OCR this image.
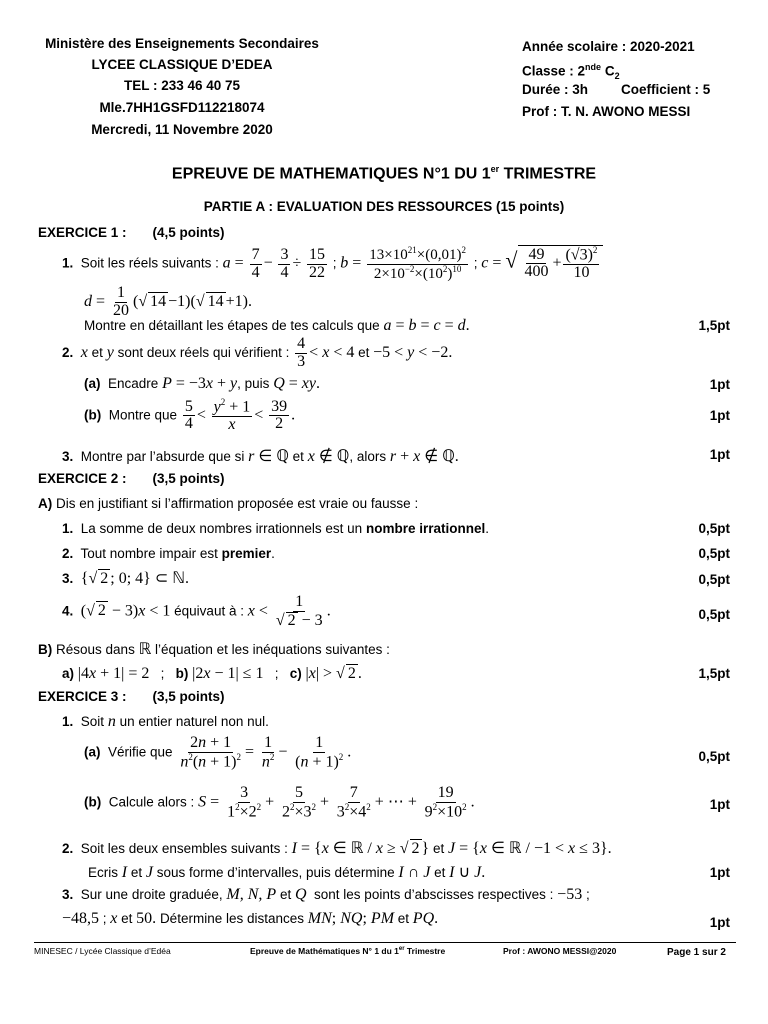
Ministère des Enseignements Secondaires
LYCEE CLASSIQUE D’EDEA
TEL : 233 46 40 75
Mle.7HH1GSFD112218074
Mercredi, 11 Novembre 2020
Année scolaire : 2020-2021
Classe : 2nde $C_2$
Durée : 3h Coefficient : 5
Prof : T. N. AWONO MESSI
EPREUVE DE MATHEMATIQUES N°1 DU 1er TRIMESTRE
PARTIE A : EVALUATION DES RESSOURCES (15 points)
EXERCICE 1 : (4,5 points)
1. Soit les réels suivants : $a = \frac{7}{4} - \frac{3}{4} \div \frac{15}{22}$ ; $b = \frac{13\times 10^{21}\times(0,01)^2}{2\times 10^{-2}\times(10^2)^{10}}$ ; c = √ $\frac{49}{400} + \frac{(√3)^2}{10}$
$d = \frac{1}{20}$ (√ 14 −1)(√ 14 +1).
Montre en détaillant les étapes de tes calculs que a = b = c = d.	1,5pt
2. x et y sont deux réels qui vérifient : $\frac{4}{3} < x < 4$ et −5 < y < −2.
(a) Encadre P = −3x + y, puis Q = xy.	1pt
(b) Montre que $\frac{5}{4} < \frac{y^2 + 1}{x} < \frac{39}{2}$ .	1pt
3. Montre par l’absurde que si r ∈ ℚ et x ∉ ℚ, alors r + x ∉ ℚ.	1pt
EXERCICE 2 : (3,5 points)
A) Dis en justifiant si l’affirmation proposée est vraie ou fausse :
1. La somme de deux nombres irrationnels est un nombre irrationnel.	0,5pt
2. Tout nombre impair est premier.	0,5pt
3. {√ 2 ; 0; 4} ⊂ ℕ.	0,5pt
4. (√ 2 − 3)x < 1 équivaut à : $x < \frac{1}{√ 2 - 3}$ .	0,5pt
B) Résous dans ℝ l’équation et les inéquations suivantes :
a) |4x + 1| = 2   ;   b) |2x − 1| ≤ 1   ;   c) |x| > √ 2 .	1,5pt
EXERCICE 3 : (3,5 points)
1. Soit n un entier naturel non nul.
(a) Vérifie que $\frac{2n + 1}{n^2(n + 1)^2} = \frac{1}{n^2} - \frac{1}{(n + 1)^2}$ .	0,5pt
(b) Calcule alors : $S = \frac{3}{1^2\times 2^2} + \frac{5}{2^2\times 3^2} + \frac{7}{3^2\times 4^2}$ + ⋯ + $\frac{19}{9^2\times 10^2}$ .	1pt
2. Soit les deux ensembles suivants : I = {x ∈ ℝ / x ≥ √ 2 } et J = {x ∈ ℝ / −1 < x ≤ 3}.
Ecris I et J sous forme d’intervalles, puis détermine I ∩ J et I ∪ J.	1pt
3. Sur une droite graduée, M, N, P et Q sont les points d’abscisses respectives : −53 ;
−48,5 ; x et 50. Détermine les distances MN; NQ; PM et PQ.	1pt
MINESEC / Lycée Classique d’Edéa	Epreuve de Mathématiques N° 1 du 1er Trimestre	Prof : AWONO MESSI@2020	Page 1 sur 2
